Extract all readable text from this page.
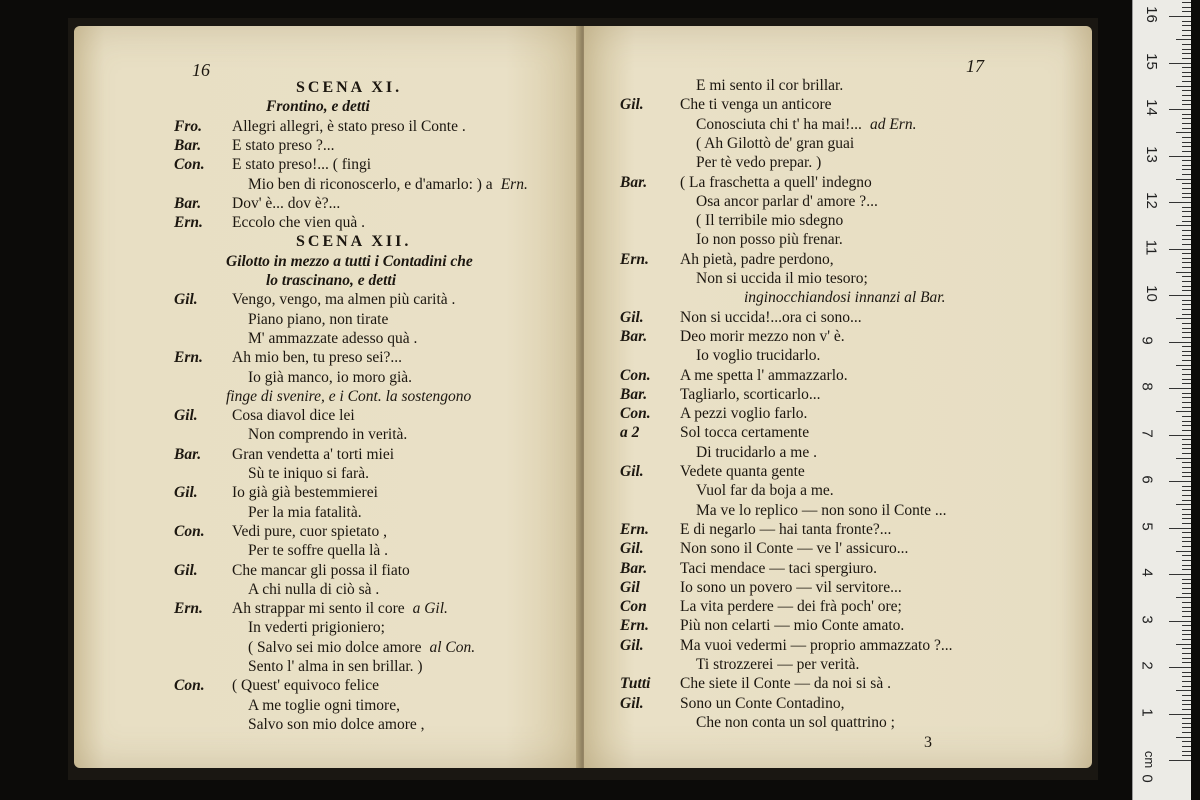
16
SCENA XI.
Frontino, e detti
Fro. Allegri allegri, è stato preso il Conte .
Bar. E stato preso ?...
Con. E stato preso!... ( fingi
Mio ben di riconoscerlo, e d'amarlo: ) a Ern.
Bar. Dov' è... dov è?...
Ern. Eccolo che vien quà .
SCENA XII.
Gilotto in mezzo a tutti i Contadini che
lo trascinano, e detti
Gil. Vengo, vengo, ma almen più carità .
Piano piano, non tirate
M' ammazzate adesso quà .
Ern. Ah mio ben, tu preso sei?...
Io già manco, io moro già.
finge di svenire, e i Cont. la sostengono
Gil. Cosa diavol dice lei
Non comprendo in verità.
Bar. Gran vendetta a' torti miei
Sù te iniquo si farà.
Gil. Io già già bestemmierei
Per la mia fatalità.
Con. Vedi pure, cuor spietato ,
Per te soffre quella là .
Gil. Che mancar gli possa il fiato
A chi nulla di ciò sà .
Ern. Ah strappar mi sento il core a Gil.
In vederti prigioniero;
( Salvo sei mio dolce amore al Con.
Sento l' alma in sen brillar. )
Con. ( Quest' equivoco felice
A me toglie ogni timore,
Salvo son mio dolce amore ,
17
E mi sento il cor brillar.
Gil. Che ti venga un anticore
Conosciuta chi t' ha mai!... ad Ern.
( Ah Gilottò de' gran guai
Per tè vedo prepar. )
Bar. ( La fraschetta a quell' indegno
Osa ancor parlar d' amore ?...
( Il terribile mio sdegno
Io non posso più frenar.
Ern. Ah pietà, padre perdono,
Non si uccida il mio tesoro;
inginocchiandosi innanzi al Bar.
Gil. Non si uccida!...ora ci sono...
Bar. Deo morir mezzo non v' è.
Io voglio trucidarlo.
Con. A me spetta l' ammazzarlo.
Bar. Tagliarlo, scorticarlo...
Con. A pezzi voglio farlo.
a 2	Sol tocca certamente
Di trucidarlo a me .
Gil. Vedete quanta gente
Vuol far da boja a me.
Ma ve lo replico — non sono il Conte ...
Ern. E di negarlo — hai tanta fronte?...
Gil. Non sono il Conte — ve l' assicuro...
Bar. Taci mendace — taci spergiuro.
Gil	Io sono un povero — vil servitore...
Con La vita perdere — dei frà poch' ore;
Ern. Più non celarti — mio Conte amato.
Gil. Ma vuoi vedermi — proprio ammazzato ?...
Ti strozzerei — per verità.
Tutti Che siete il Conte — da noi si sà .
Gil. Sono un Conte Contadino,
Che non conta un sol quattrino ;
3
1
2
3
4
5
6
7
8
9
10
11
12
13
14
15
16
0
cm
